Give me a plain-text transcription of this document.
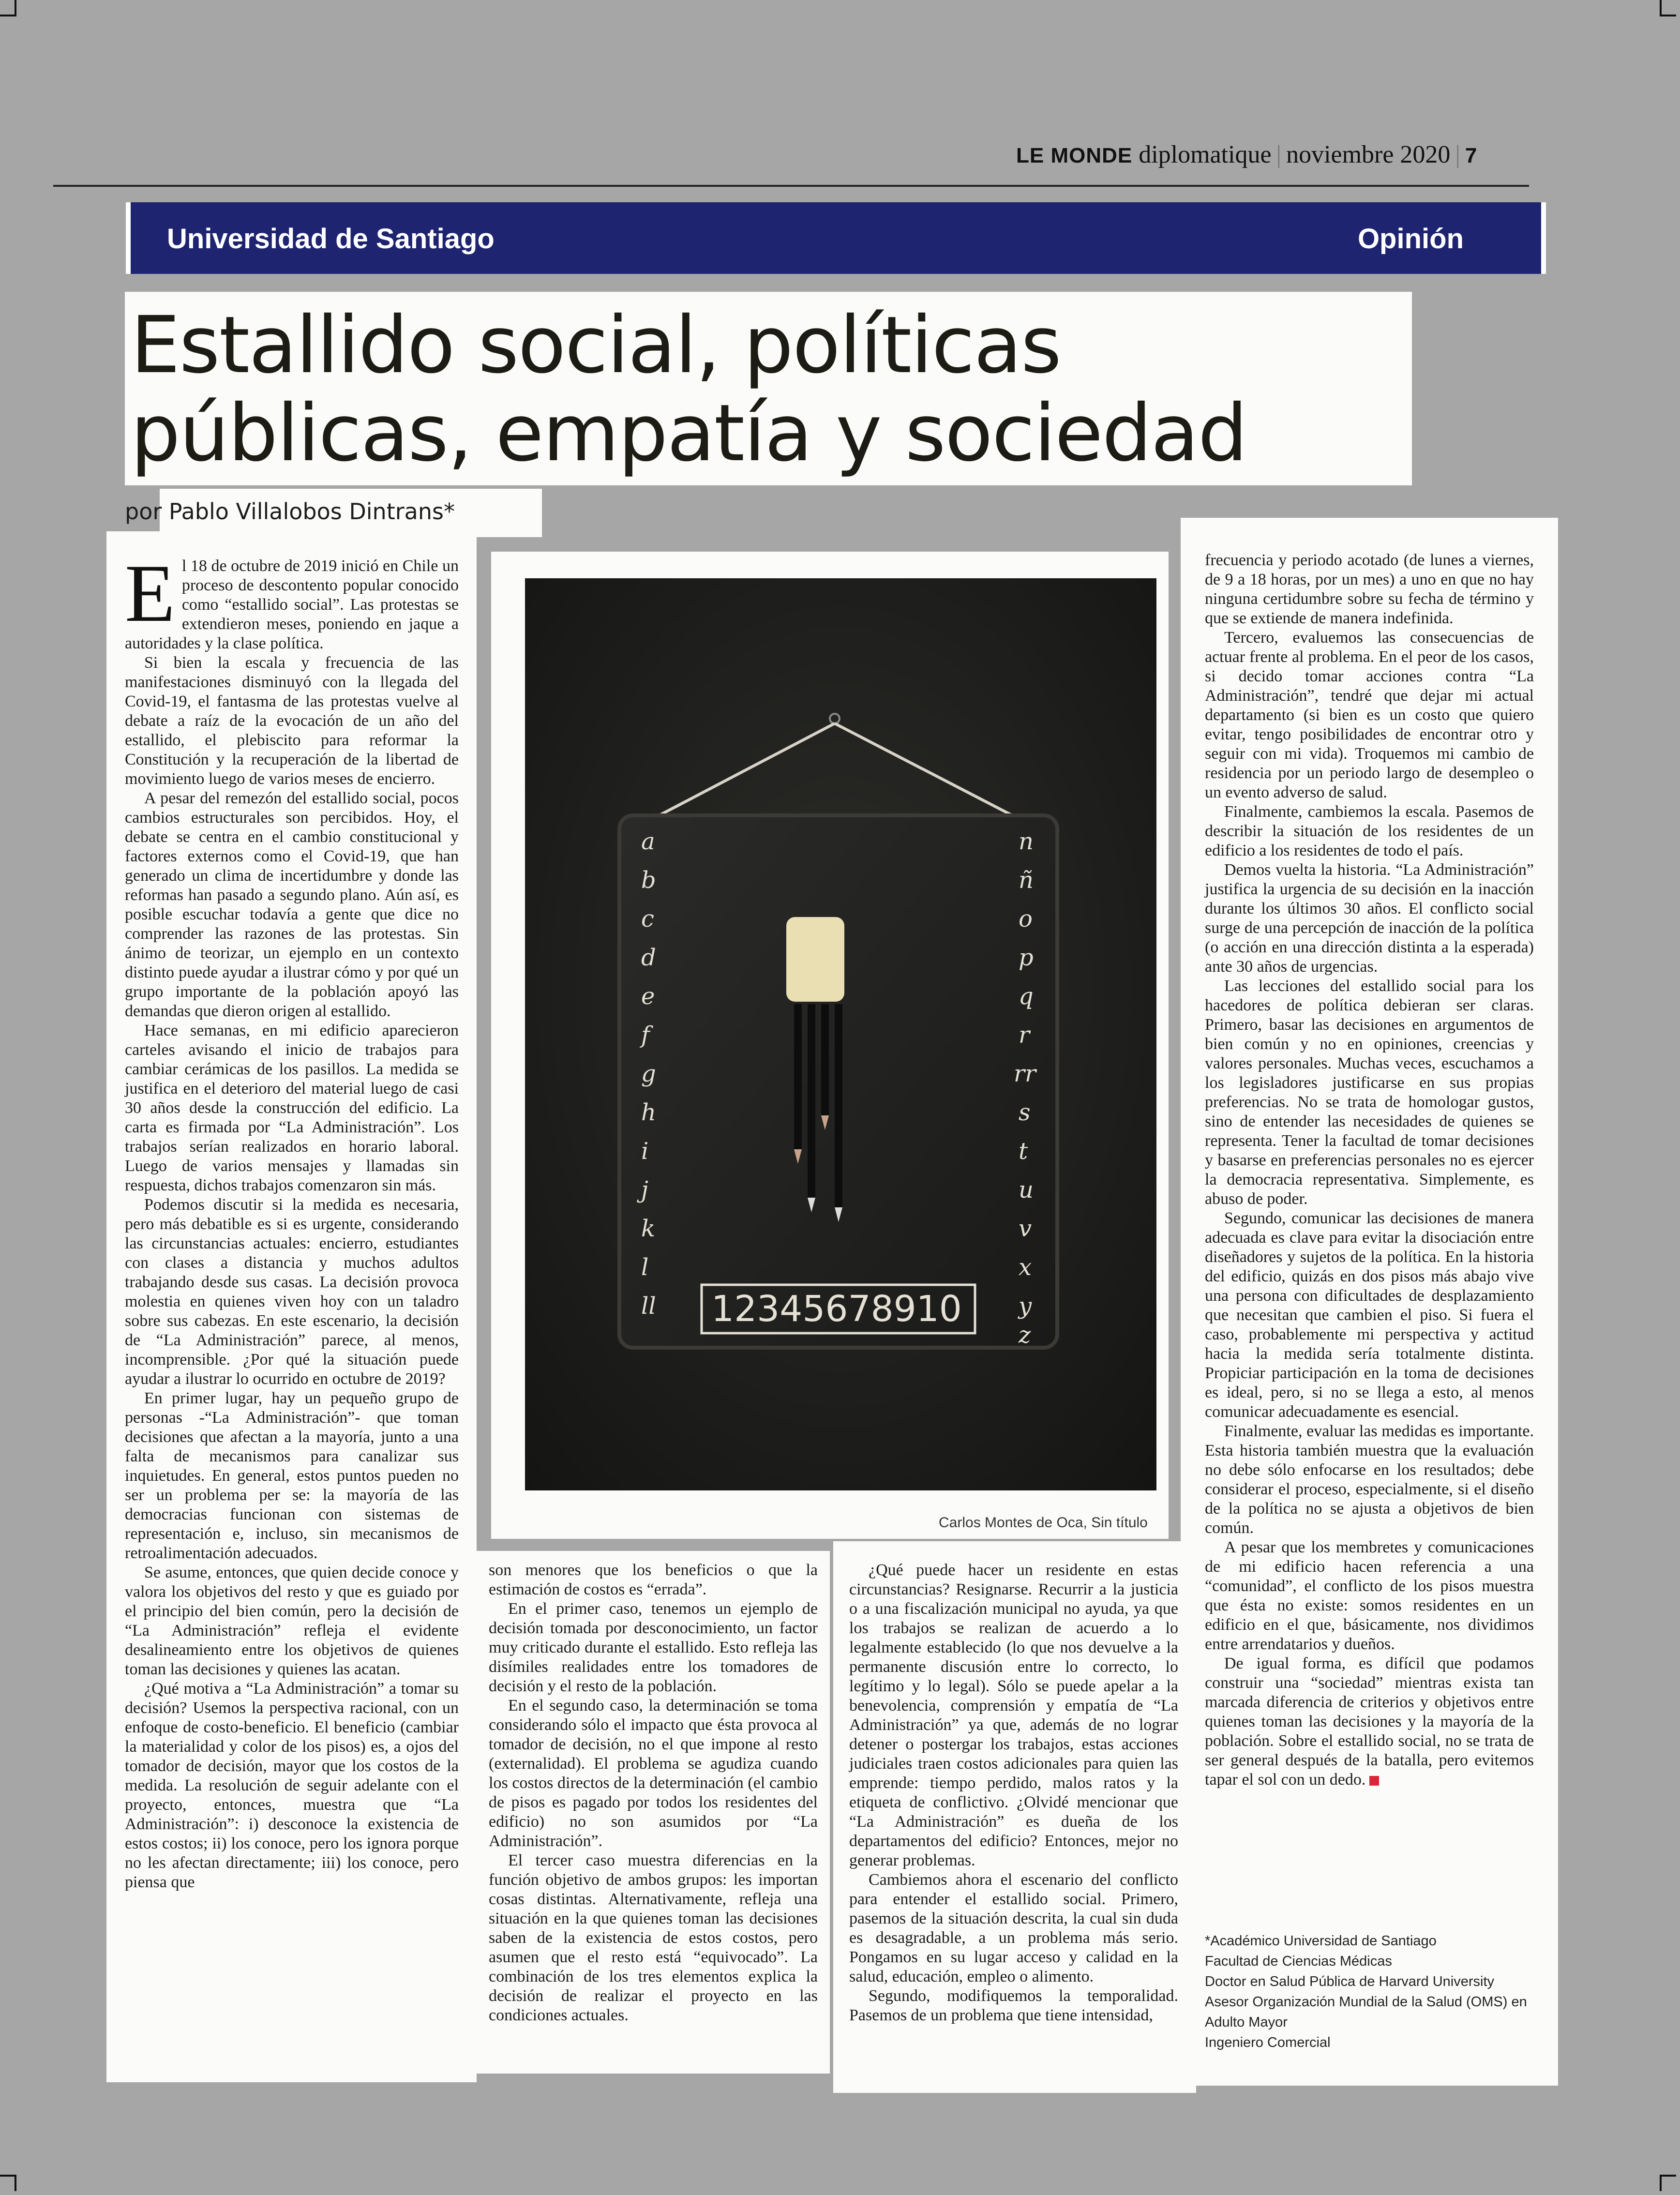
LE MONDE diplomatique | noviembre 2020 | 7
Universidad de Santiago	Opinión
Estallido social, políticas públicas, empatía y sociedad
por Pablo Villalobos Dintrans*
a
b
c
d
e
f
g
h
i
j
k
l
ll
n
ñ
o
p
q
r
rr
s
t
u
v
x
y
z
12345678910
Carlos Montes de Oca, Sin título

El 18 de octubre de 2019 inició en Chile un proceso de descontento popular conocido como “estallido social”. Las protestas se extendieron meses, poniendo en jaque a autoridades y la clase política.

Si bien la escala y frecuencia de las manifestaciones disminuyó con la llegada del Covid-19, el fantasma de las protestas vuelve al debate a raíz de la evocación de un año del estallido, el plebiscito para reformar la Constitución y la recuperación de la libertad de movimiento luego de varios meses de encierro.

A pesar del remezón del estallido social, pocos cambios estructurales son percibidos. Hoy, el debate se centra en el cambio constitucional y factores externos como el Covid-19, que han generado un clima de incertidumbre y donde las reformas han pasado a segundo plano. Aún así, es posible escuchar todavía a gente que dice no comprender las razones de las protestas. Sin ánimo de teorizar, un ejemplo en un contexto distinto puede ayudar a ilustrar cómo y por qué un grupo importante de la población apoyó las demandas que dieron origen al estallido.

Hace semanas, en mi edificio aparecieron carteles avisando el inicio de trabajos para cambiar cerámicas de los pasillos. La medida se justifica en el deterioro del material luego de casi 30 años desde la construcción del edificio. La carta es firmada por “La Administración”. Los trabajos serían realizados en horario laboral. Luego de varios mensajes y llamadas sin respuesta, dichos trabajos comenzaron sin más.

Podemos discutir si la medida es necesaria, pero más debatible es si es urgente, considerando las circunstancias actuales: encierro, estudiantes con clases a distancia y muchos adultos trabajando desde sus casas. La decisión provoca molestia en quienes viven hoy con un taladro sobre sus cabezas. En este escenario, la decisión de “La Administración” parece, al menos, incomprensible. ¿Por qué la situación puede ayudar a ilustrar lo ocurrido en octubre de 2019?

En primer lugar, hay un pequeño grupo de personas -“La Administración”- que toman decisiones que afectan a la mayoría, junto a una falta de mecanismos para canalizar sus inquietudes. En general, estos puntos pueden no ser un problema per se: la mayoría de las democracias funcionan con sistemas de representación e, incluso, sin mecanismos de retroalimentación adecuados.

Se asume, entonces, que quien decide conoce y valora los objetivos del resto y que es guiado por el principio del bien común, pero la decisión de “La Administración” refleja el evidente desalineamiento entre los objetivos de quienes toman las decisiones y quienes las acatan.

¿Qué motiva a “La Administración” a tomar su decisión? Usemos la perspectiva racional, con un enfoque de costo-beneficio. El beneficio (cambiar la materialidad y color de los pisos) es, a ojos del tomador de decisión, mayor que los costos de la medida. La resolución de seguir adelante con el proyecto, entonces, muestra que “La Administración”: i) desconoce la existencia de estos costos; ii) los conoce, pero los ignora porque no les afectan directamente; iii) los conoce, pero piensa que

son menores que los beneficios o que la estimación de costos es “errada”.

En el primer caso, tenemos un ejemplo de decisión tomada por desconocimiento, un factor muy criticado durante el estallido. Esto refleja las disímiles realidades entre los tomadores de decisión y el resto de la población.

En el segundo caso, la determinación se toma considerando sólo el impacto que ésta provoca al tomador de decisión, no el que impone al resto (externalidad). El problema se agudiza cuando los costos directos de la determinación (el cambio de pisos es pagado por todos los residentes del edificio) no son asumidos por “La Administración”.

El tercer caso muestra diferencias en la función objetivo de ambos grupos: les importan cosas distintas. Alternativamente, refleja una situación en la que quienes toman las decisiones saben de la existencia de estos costos, pero asumen que el resto está “equivocado”. La combinación de los tres elementos explica la decisión de realizar el proyecto en las condiciones actuales.

¿Qué puede hacer un residente en estas circunstancias? Resignarse. Recurrir a la justicia o a una fiscalización municipal no ayuda, ya que los trabajos se realizan de acuerdo a lo legalmente establecido (lo que nos devuelve a la permanente discusión entre lo correcto, lo legítimo y lo legal). Sólo se puede apelar a la benevolencia, comprensión y empatía de “La Administración” ya que, además de no lograr detener o postergar los trabajos, estas acciones judiciales traen costos adicionales para quien las emprende: tiempo perdido, malos ratos y la etiqueta de conflictivo. ¿Olvidé mencionar que “La Administración” es dueña de los departamentos del edificio? Entonces, mejor no generar problemas.

Cambiemos ahora el escenario del conflicto para entender el estallido social. Primero, pasemos de la situación descrita, la cual sin duda es desagradable, a un problema más serio. Pongamos en su lugar acceso y calidad en la salud, educación, empleo o alimento.

Segundo, modifiquemos la temporalidad. Pasemos de un problema que tiene intensidad,

frecuencia y periodo acotado (de lunes a viernes, de 9 a 18 horas, por un mes) a uno en que no hay ninguna certidumbre sobre su fecha de término y que se extiende de manera indefinida.

Tercero, evaluemos las consecuencias de actuar frente al problema. En el peor de los casos, si decido tomar acciones contra “La Administración”, tendré que dejar mi actual departamento (si bien es un costo que quiero evitar, tengo posibilidades de encontrar otro y seguir con mi vida). Troquemos mi cambio de residencia por un periodo largo de desempleo o un evento adverso de salud.

Finalmente, cambiemos la escala. Pasemos de describir la situación de los residentes de un edificio a los residentes de todo el país.

Demos vuelta la historia. “La Administración” justifica la urgencia de su decisión en la inacción durante los últimos 30 años. El conflicto social surge de una percepción de inacción de la política (o acción en una dirección distinta a la esperada) ante 30 años de urgencias.

Las lecciones del estallido social para los hacedores de política debieran ser claras. Primero, basar las decisiones en argumentos de bien común y no en opiniones, creencias y valores personales. Muchas veces, escuchamos a los legisladores justificarse en sus propias preferencias. No se trata de homologar gustos, sino de entender las necesidades de quienes se representa. Tener la facultad de tomar decisiones y basarse en preferencias personales no es ejercer la democracia representativa. Simplemente, es abuso de poder.

Segundo, comunicar las decisiones de manera adecuada es clave para evitar la disociación entre diseñadores y sujetos de la política. En la historia del edificio, quizás en dos pisos más abajo vive una persona con dificultades de desplazamiento que necesitan que cambien el piso. Si fuera el caso, probablemente mi perspectiva y actitud hacia la medida sería totalmente distinta. Propiciar participación en la toma de decisiones es ideal, pero, si no se llega a esto, al menos comunicar adecuadamente es esencial.

Finalmente, evaluar las medidas es importante. Esta historia también muestra que la evaluación no debe sólo enfocarse en los resultados; debe considerar el proceso, especialmente, si el diseño de la política no se ajusta a objetivos de bien común.

A pesar que los membretes y comunicaciones de mi edificio hacen referencia a una “comunidad”, el conflicto de los pisos muestra que ésta no existe: somos residentes en un edificio en el que, básicamente, nos dividimos entre arrendatarios y dueños.

De igual forma, es difícil que podamos construir una “sociedad” mientras exista tan marcada diferencia de criterios y objetivos entre quienes toman las decisiones y la mayoría de la población. Sobre el estallido social, no se trata de ser general después de la batalla, pero evitemos tapar el sol con un dedo.

*Académico Universidad de Santiago
Facultad de Ciencias Médicas
Doctor en Salud Pública de Harvard University
Asesor Organización Mundial de la Salud (OMS) en
Adulto Mayor
Ingeniero Comercial
